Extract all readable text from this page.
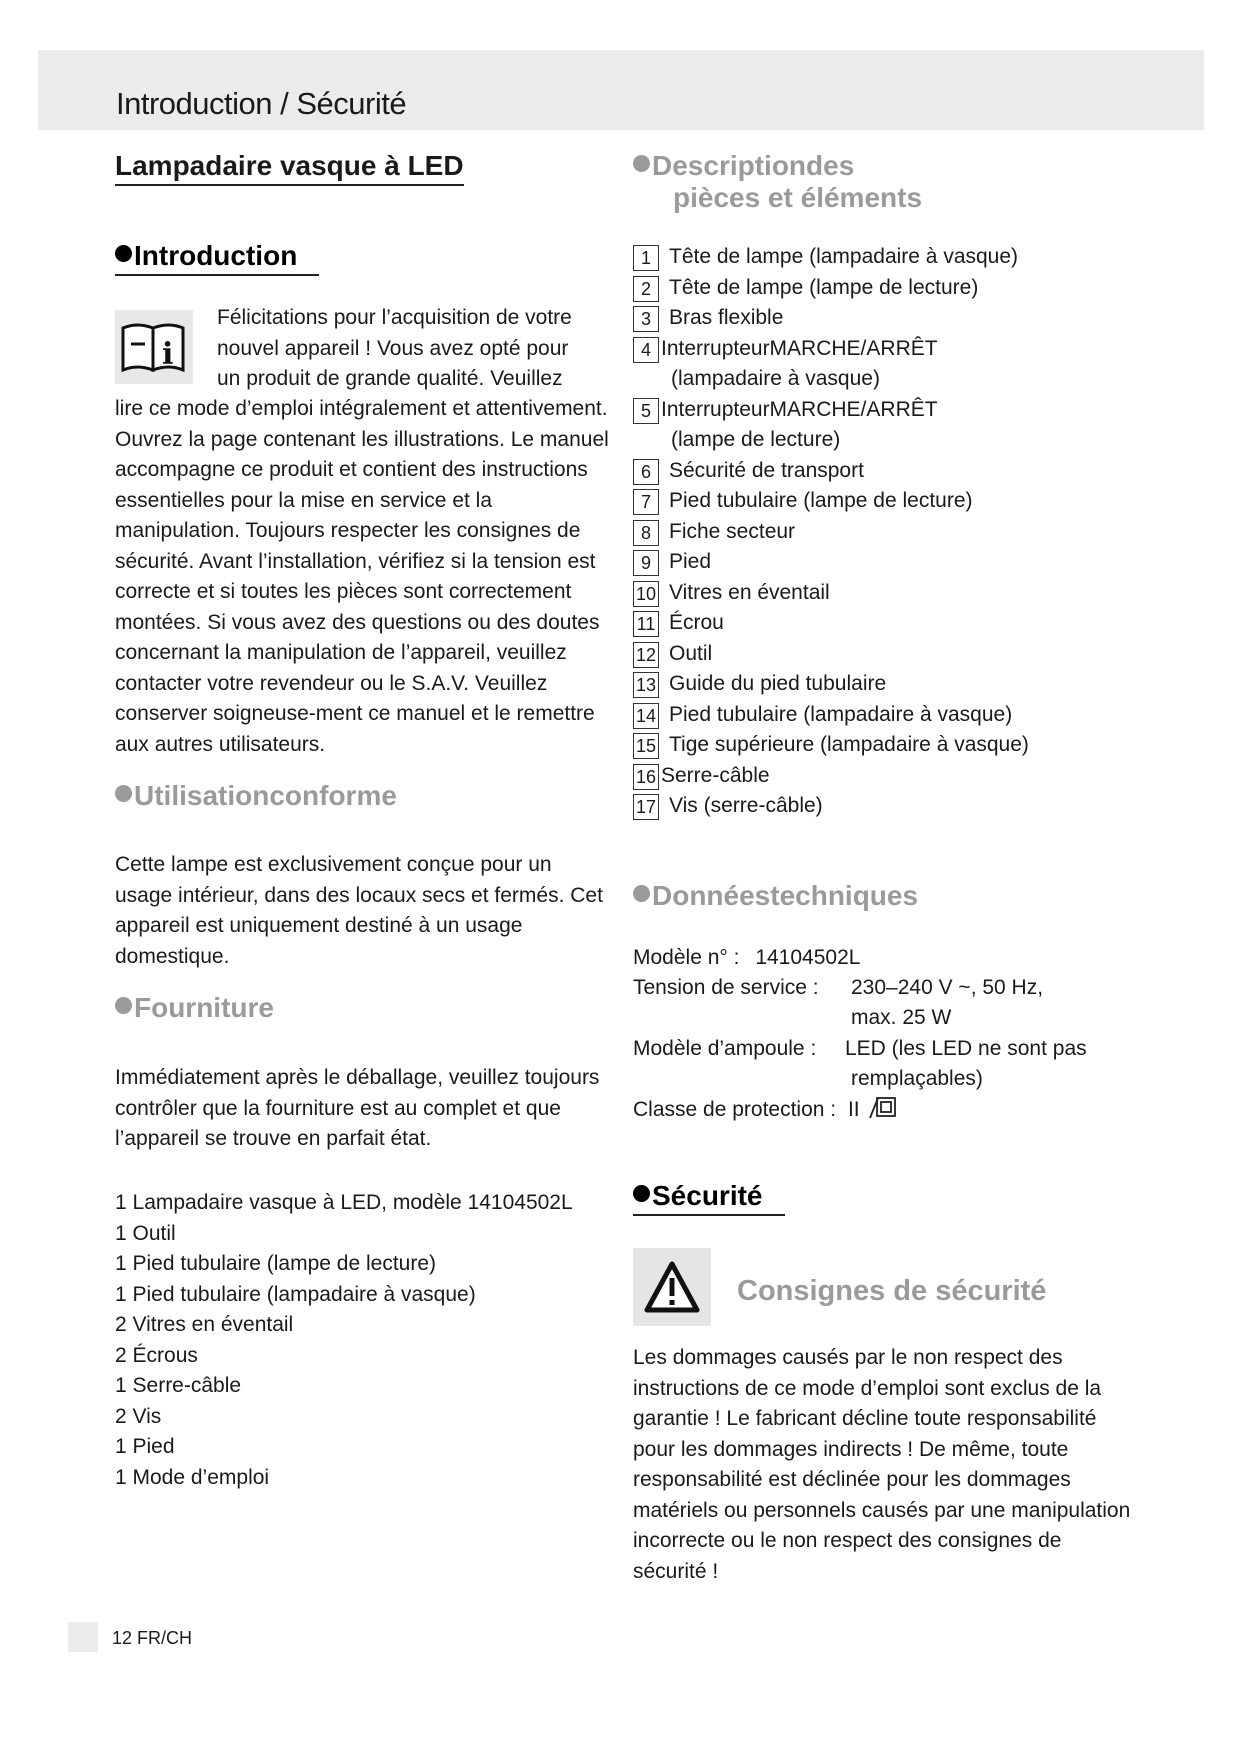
Introduction / Sécurité
Lampadaire vasque à LED
Introduction
i
Félicitations pour l’acquisition de votre nouvel appareil ! Vous avez opté pour un produit de grande qualité. Veuillez
lire ce mode d’emploi intégralement et attentivement. Ouvrez la page contenant les illustrations. Le manuel accompagne ce produit et contient des instructions essentielles pour la mise en service et la manipulation. Toujours respecter les consignes de sécurité. Avant l’installation, vérifiez si la tension est correcte et si toutes les pièces sont correctement montées. Si vous avez des questions ou des doutes concernant la manipulation de l’appareil, veuillez contacter votre revendeur ou le S.A.V. Veuillez conserver soigneuse-ment ce manuel et le remettre aux autres utilisateurs.
Utilisationconforme
Cette lampe est exclusivement conçue pour un usage intérieur, dans des locaux secs et fermés. Cet appareil est uniquement destiné à un usage domestique.
Fourniture
Immédiatement après le déballage, veuillez toujours contrôler que la fourniture est au complet et que l’appareil se trouve en parfait état.
1 Lampadaire vasque à LED, modèle 14104502L
1 Outil
1 Pied tubulaire (lampe de lecture)
1 Pied tubulaire (lampadaire à vasque)
2 Vitres en éventail
2 Écrous
1 Serre-câble
2 Vis
1 Pied
1 Mode d’emploi
Descriptiondes
pièces et éléments
1 Tête de lampe (lampadaire à vasque)
2 Tête de lampe (lampe de lecture)
3 Bras flexible
4 InterrupteurMARCHE/ARRÊT
(lampadaire à vasque)
5 InterrupteurMARCHE/ARRÊT
(lampe de lecture)
6 Sécurité de transport
7 Pied tubulaire (lampe de lecture)
8 Fiche secteur
9 Pied
10 Vitres en éventail
11 Écrou
12 Outil
13 Guide du pied tubulaire
14 Pied tubulaire (lampadaire à vasque)
15 Tige supérieure (lampadaire à vasque)
16 Serre-câble
17 Vis (serre-câble)
Donnéestechniques
Modèle n° : 14104502L
Tension de service : 230–240 V ~, 50 Hz,
max. 25 W
Modèle d’ampoule : LED (les LED ne sont pas
remplaçables)
Classe de protection : II
Sécurité
Consignes de sécurité
Les dommages causés par le non respect des instructions de ce mode d’emploi sont exclus de la garantie ! Le fabricant décline toute responsabilité pour les dommages indirects ! De même, toute responsabilité est déclinée pour les dommages matériels ou personnels causés par une manipulation incorrecte ou le non respect des consignes de sécurité !
12 FR/CH
